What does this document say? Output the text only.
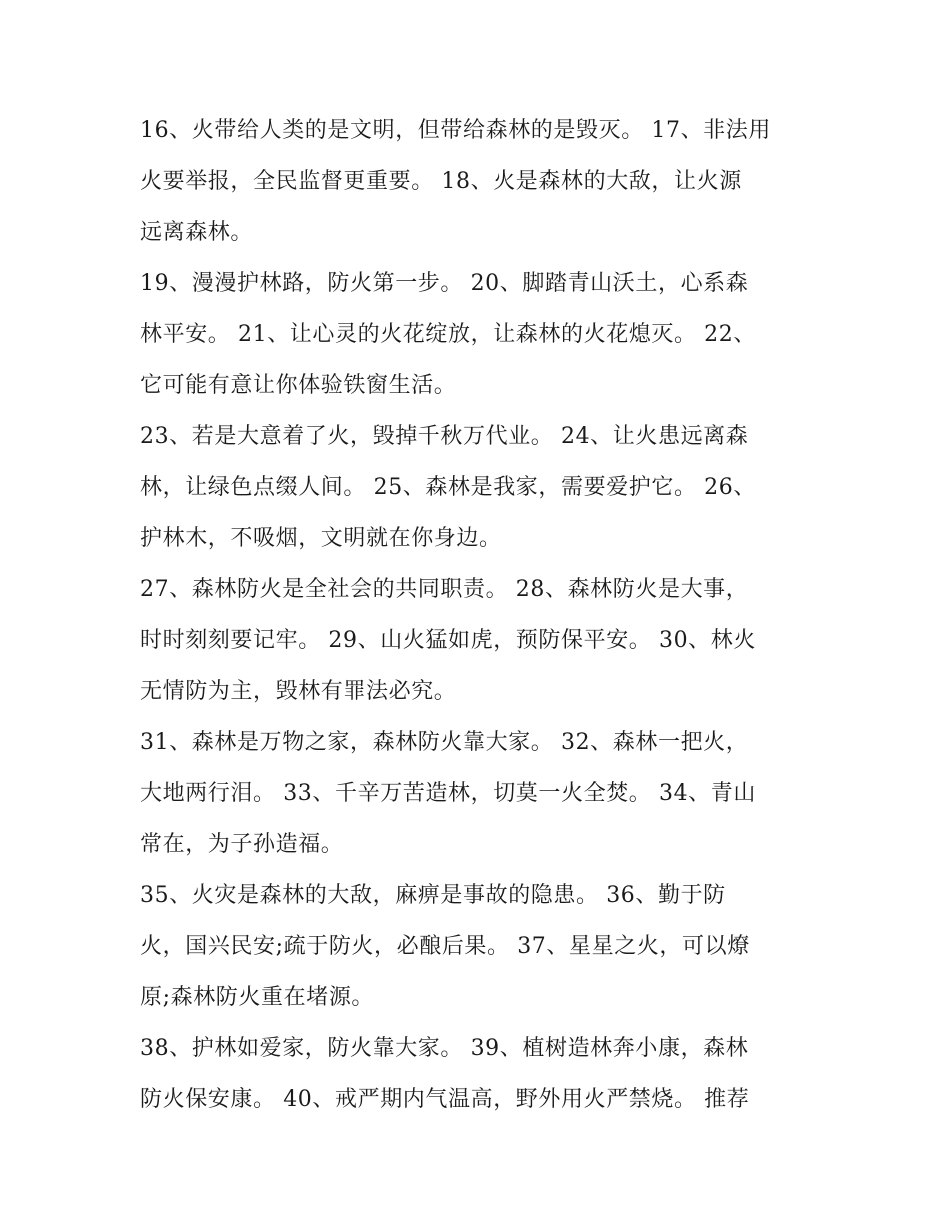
16、火带给人类的是文明，但带给森林的是毁灭。 17、非法用
火要举报，全民监督更重要。 18、火是森林的大敌，让火源
远离森林。
19、漫漫护林路，防火第一步。 20、脚踏青山沃土，心系森
林平安。 21、让心灵的火花绽放，让森林的火花熄灭。 22、
它可能有意让你体验铁窗生活。
23、若是大意着了火，毁掉千秋万代业。 24、让火患远离森
林，让绿色点缀人间。 25、森林是我家，需要爱护它。 26、
护林木，不吸烟，文明就在你身边。
27、森林防火是全社会的共同职责。 28、森林防火是大事，
时时刻刻要记牢。 29、山火猛如虎，预防保平安。 30、林火
无情防为主，毁林有罪法必究。
31、森林是万物之家，森林防火靠大家。 32、森林一把火，
大地两行泪。 33、千辛万苦造林，切莫一火全焚。 34、青山
常在，为子孙造福。
35、火灾是森林的大敌，麻痹是事故的隐患。 36、勤于防
火，国兴民安;疏于防火，必酿后果。 37、星星之火，可以燎
原;森林防火重在堵源。
38、护林如爱家，防火靠大家。 39、植树造林奔小康，森林
防火保安康。 40、戒严期内气温高，野外用火严禁烧。 推荐
